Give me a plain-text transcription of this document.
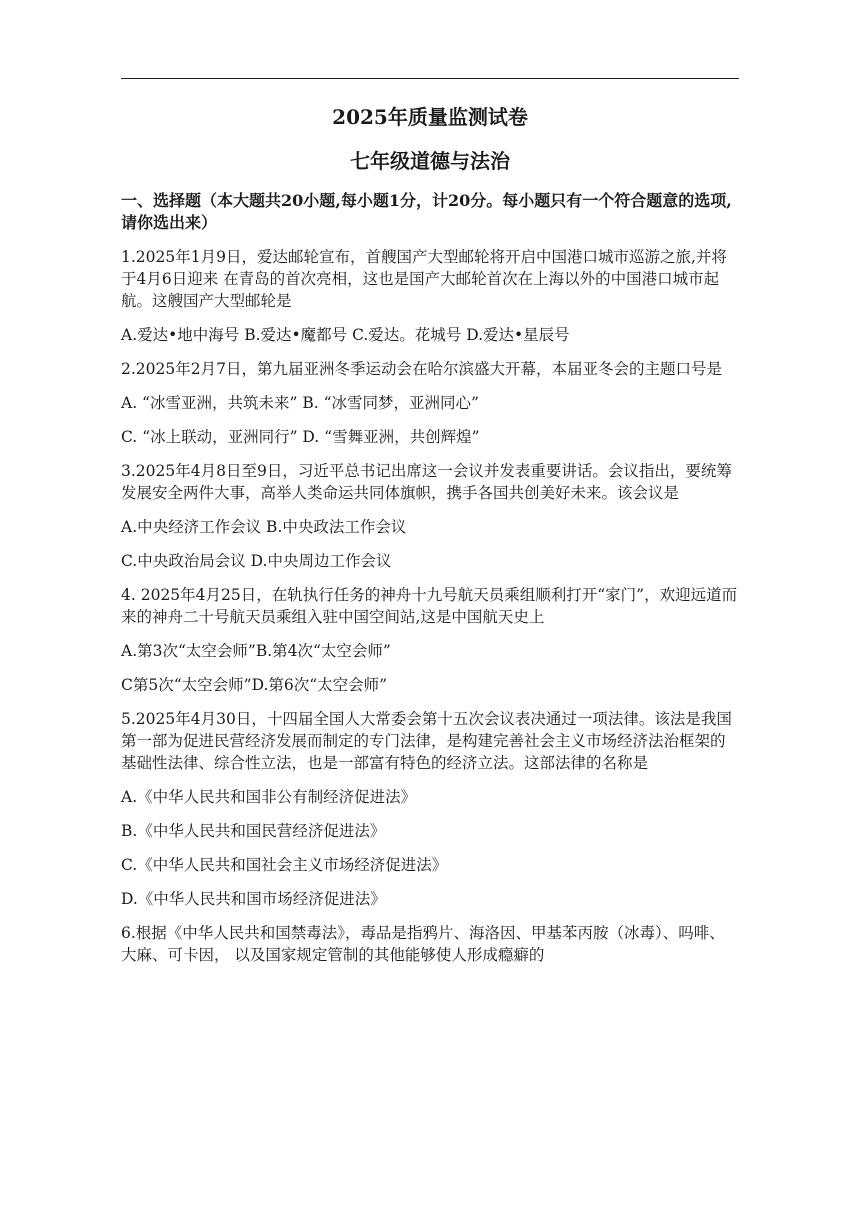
2025年质量监测试卷
七年级道德与法治
一、选择题（本大题共20小题,每小题1分，计20分。每小题只有一个符合题意的选项,请你选出来）
1.2025年1月9日，爱达邮轮宣布，首艘国产大型邮轮将开启中国港口城市巡游之旅,并将于4月6日迎来 在青岛的首次亮相，这也是国产大邮轮首次在上海以外的中国港口城市起航。这艘国产大型邮轮是
A.爱达•地中海号 B.爱达•魔都号 C.爱达。花城号 D.爱达•星辰号
2.2025年2月7日，第九届亚洲冬季运动会在哈尔滨盛大开幕，本届亚冬会的主题口号是
A. “冰雪亚洲，共筑未来” B. “冰雪同梦，亚洲同心”
C. “冰上联动，亚洲同行” D. “雪舞亚洲，共创辉煌”
3.2025年4月8日至9日，习近平总书记出席这一会议并发表重要讲话。会议指出，要统筹发展安全两件大事，高举人类命运共同体旗帜，携手各国共创美好未来。该会议是
A.中央经济工作会议 B.中央政法工作会议
C.中央政治局会议 D.中央周边工作会议
4. 2025年4月25日，在轨执行任务的神舟十九号航天员乘组顺利打开“家门”，欢迎远道而来的神舟二十号航天员乘组入驻中国空间站,这是中国航天史上
A.第3次“太空会师”B.第4次“太空会师”
C第5次“太空会师”D.第6次“太空会师”
5.2025年4月30日，十四届全国人大常委会第十五次会议表决通过一项法律。该法是我国第一部为促进民营经济发展而制定的专门法律，是构建完善社会主义市场经济法治框架的基础性法律、综合性立法，也是一部富有特色的经济立法。这部法律的名称是
A.《中华人民共和国非公有制经济促进法》
B.《中华人民共和国民营经济促进法》
C.《中华人民共和国社会主义市场经济促进法》
D.《中华人民共和国市场经济促进法》
6.根据《中华人民共和国禁毒法》，毒品是指鸦片、海洛因、甲基苯丙胺（冰毒）、吗啡、大麻、可卡因， 以及国家规定管制的其他能够使人形成瘾癖的
